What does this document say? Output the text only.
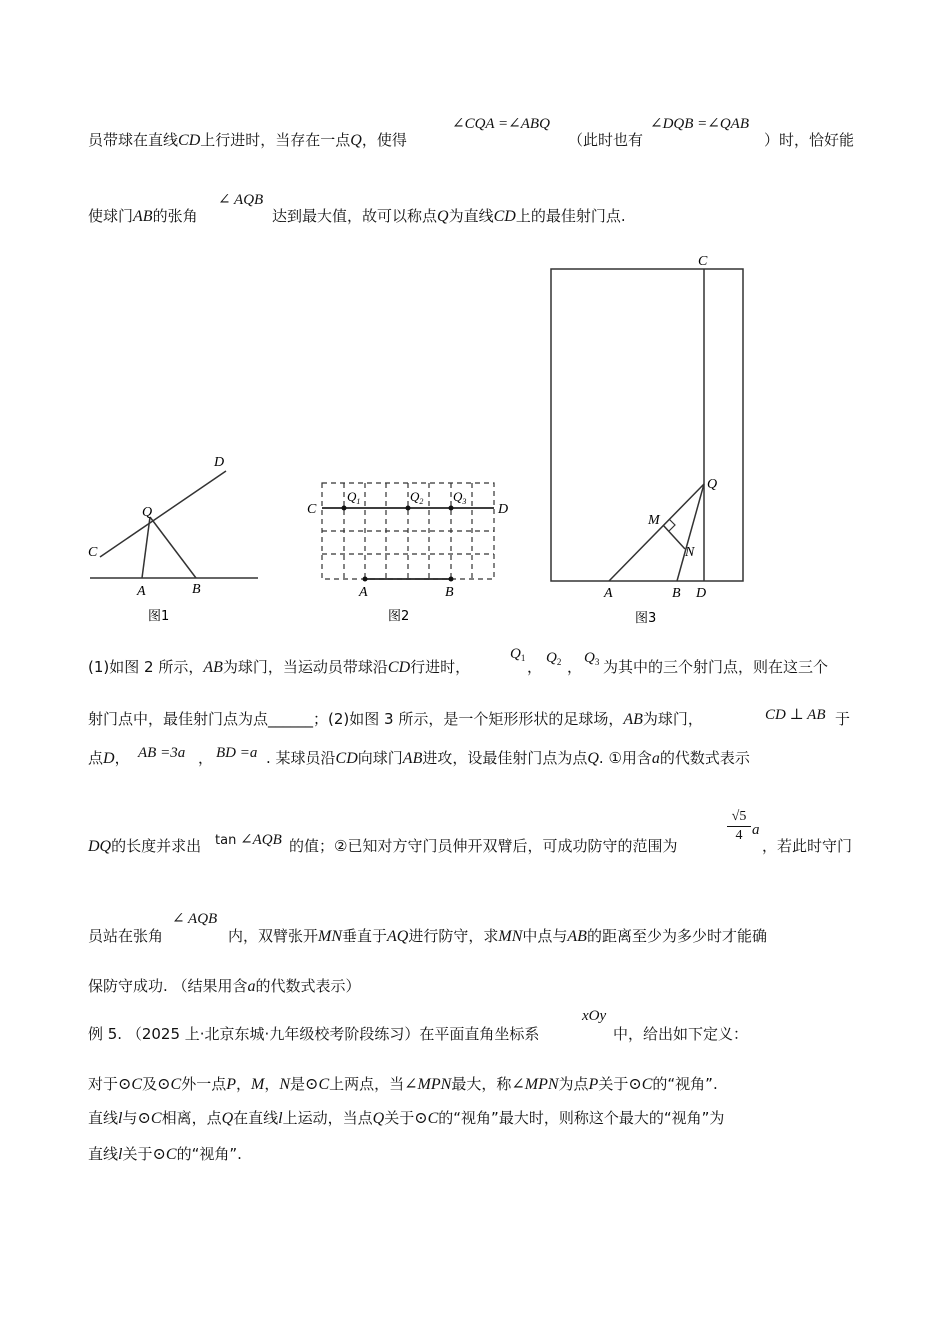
员带球在直线CD上行进时，当存在一点Q，使得
∠CQA =∠ABQ
（此时也有
∠DQB =∠QAB
）时，恰好能
使球门AB的张角
∠ AQB
达到最大值，故可以称点Q为直线CD上的最佳射门点.
D
Q
C
A	B
图1
C	D
$Q_1$	$Q_2$ $Q_3$
A	B
图2
C
Q
M
N
A	B D
图3
(1)如图 2 所示，AB为球门，当运动员带球沿CD行进时，
$Q_1$ ， $Q_2$ ， $Q_3$ 为其中的三个射门点，则在这三个
射门点中，最佳射门点为点______；(2)如图 3 所示，是一个矩形形状的足球场，AB为球门，	CD ⊥ AB 于
点D， AB =3a ， BD =a . 某球员沿CD向球门AB进攻，设最佳射门点为点Q. ①用含a的代数式表示
DQ的长度并求出 tan ∠AQB 的值；②已知对方守门员伸开双臂后，可成功防守的范围为
√5
4 a
，若此时守门
员站在张角
∠ AQB
内，双臂张开MN垂直于AQ进行防守，求MN中点与AB的距离至少为多少时才能确
保防守成功. （结果用含a的代数式表示）
例 5. （2025 上·北京东城·九年级校考阶段练习）在平面直角坐标系
xOy
中，给出如下定义：
对于⊙C及⊙C外一点P，M，N是⊙C上两点，当∠MPN最大，称∠MPN为点P关于⊙C的“视角”.
直线l与⊙C相离，点Q在直线l上运动，当点Q关于⊙C的“视角”最大时，则称这个最大的“视角”为
直线l关于⊙C的“视角”.
